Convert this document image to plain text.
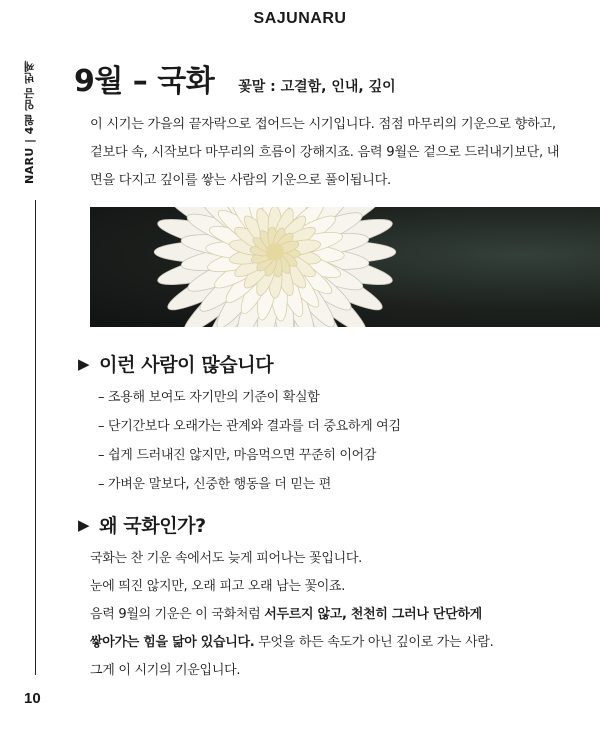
SAJUNARU
NARU | 4월 임금 번째
10
9월 – 국화 꽃말 : 고결함, 인내, 깊이

이 시기는 가을의 끝자락으로 접어드는 시기입니다. 점점 마무리의 기운으로 향하고, 겉보다 속, 시작보다 마무리의 흐름이 강해지죠. 음력 9월은 겉으로 드러내기보단, 내면을 다지고 깊이를 쌓는 사람의 기운으로 풀이됩니다.

▶ 이런 사람이 많습니다
– 조용해 보여도 자기만의 기준이 확실함
– 단기간보다 오래가는 관계와 결과를 더 중요하게 여김
– 쉽게 드러내진 않지만, 마음먹으면 꾸준히 이어감
– 가벼운 말보다, 신중한 행동을 더 믿는 편
▶ 왜 국화인가?

국화는 찬 기운 속에서도 늦게 피어나는 꽃입니다.

눈에 띄진 않지만, 오래 피고 오래 남는 꽃이죠.

음력 9월의 기운은 이 국화처럼 서두르지 않고, 천천히 그러나 단단하게

쌓아가는 힘을 닮아 있습니다. 무엇을 하든 속도가 아닌 깊이로 가는 사람.

그게 이 시기의 기운입니다.
